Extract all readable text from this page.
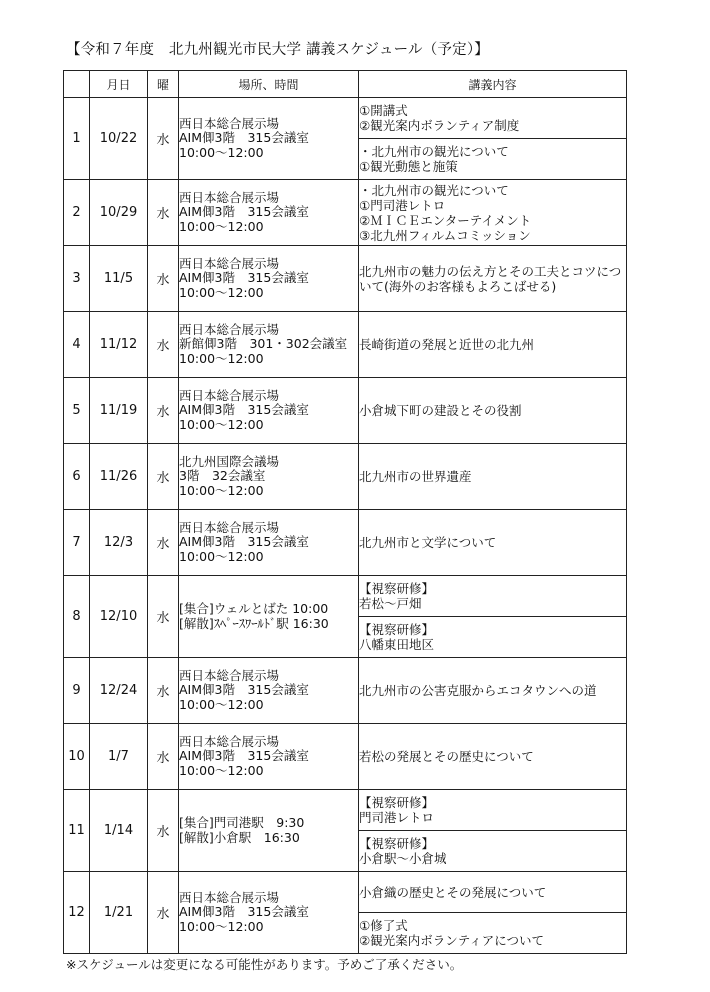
【令和７年度　北九州観光市民大学 講義スケジュール（予定）】
	月日	曜	場所、時間	講義内容
1	10/22	水	西日本総合展示場
AIM㑡3階　315会議室
10:00～12:00	①開講式
②観光案内ボランティア制度

				・北九州市の観光について
①観光動態と施策

2	10/29	水	西日本総合展示場
AIM㑡3階　315会議室
10:00～12:00	・北九州市の観光について
①門司港レトロ
②ＭＩＣＥエンターテイメント
③北九州フィルムコミッション

3	11/5	水	西日本総合展示場
AIM㑡3階　315会議室
10:00～12:00	北九州市の魅力の伝え方とその工夫とコツについて(海外のお客様もよろこばせる)

4	11/12	水	西日本総合展示場
新館㑡3階　301・302会議室
10:00～12:00	長崎街道の発展と近世の北九州

5	11/19	水	西日本総合展示場
AIM㑡3階　315会議室
10:00～12:00	小倉城下町の建設とその役割

6	11/26	水	北九州国際会議場
3階　32会議室
10:00～12:00	北九州市の世界遺産

7	12/3	水	西日本総合展示場
AIM㑡3階　315会議室
10:00～12:00	北九州市と文学について

8	12/10	水	[集合]ウェルとばた 10:00
[解散]ｽﾍﾟｰｽﾜｰﾙﾄﾞ駅 16:30	【視察研修】
若松～戸畑

				【視察研修】
八幡東田地区

9	12/24	水	西日本総合展示場
AIM㑡3階　315会議室
10:00～12:00	北九州市の公害克服からエコタウンへの道

10	1/7	水	西日本総合展示場
AIM㑡3階　315会議室
10:00～12:00	若松の発展とその歴史について

11	1/14	水	[集合]門司港駅　9:30
[解散]小倉駅　16:30	【視察研修】
門司港レトロ

				【視察研修】
小倉駅～小倉城

12	1/21	水	西日本総合展示場
AIM㑡3階　315会議室
10:00～12:00	小倉織の歴史とその発展について

				①修了式
②観光案内ボランティアについて
※スケジュールは変更になる可能性があります。予めご了承ください。
